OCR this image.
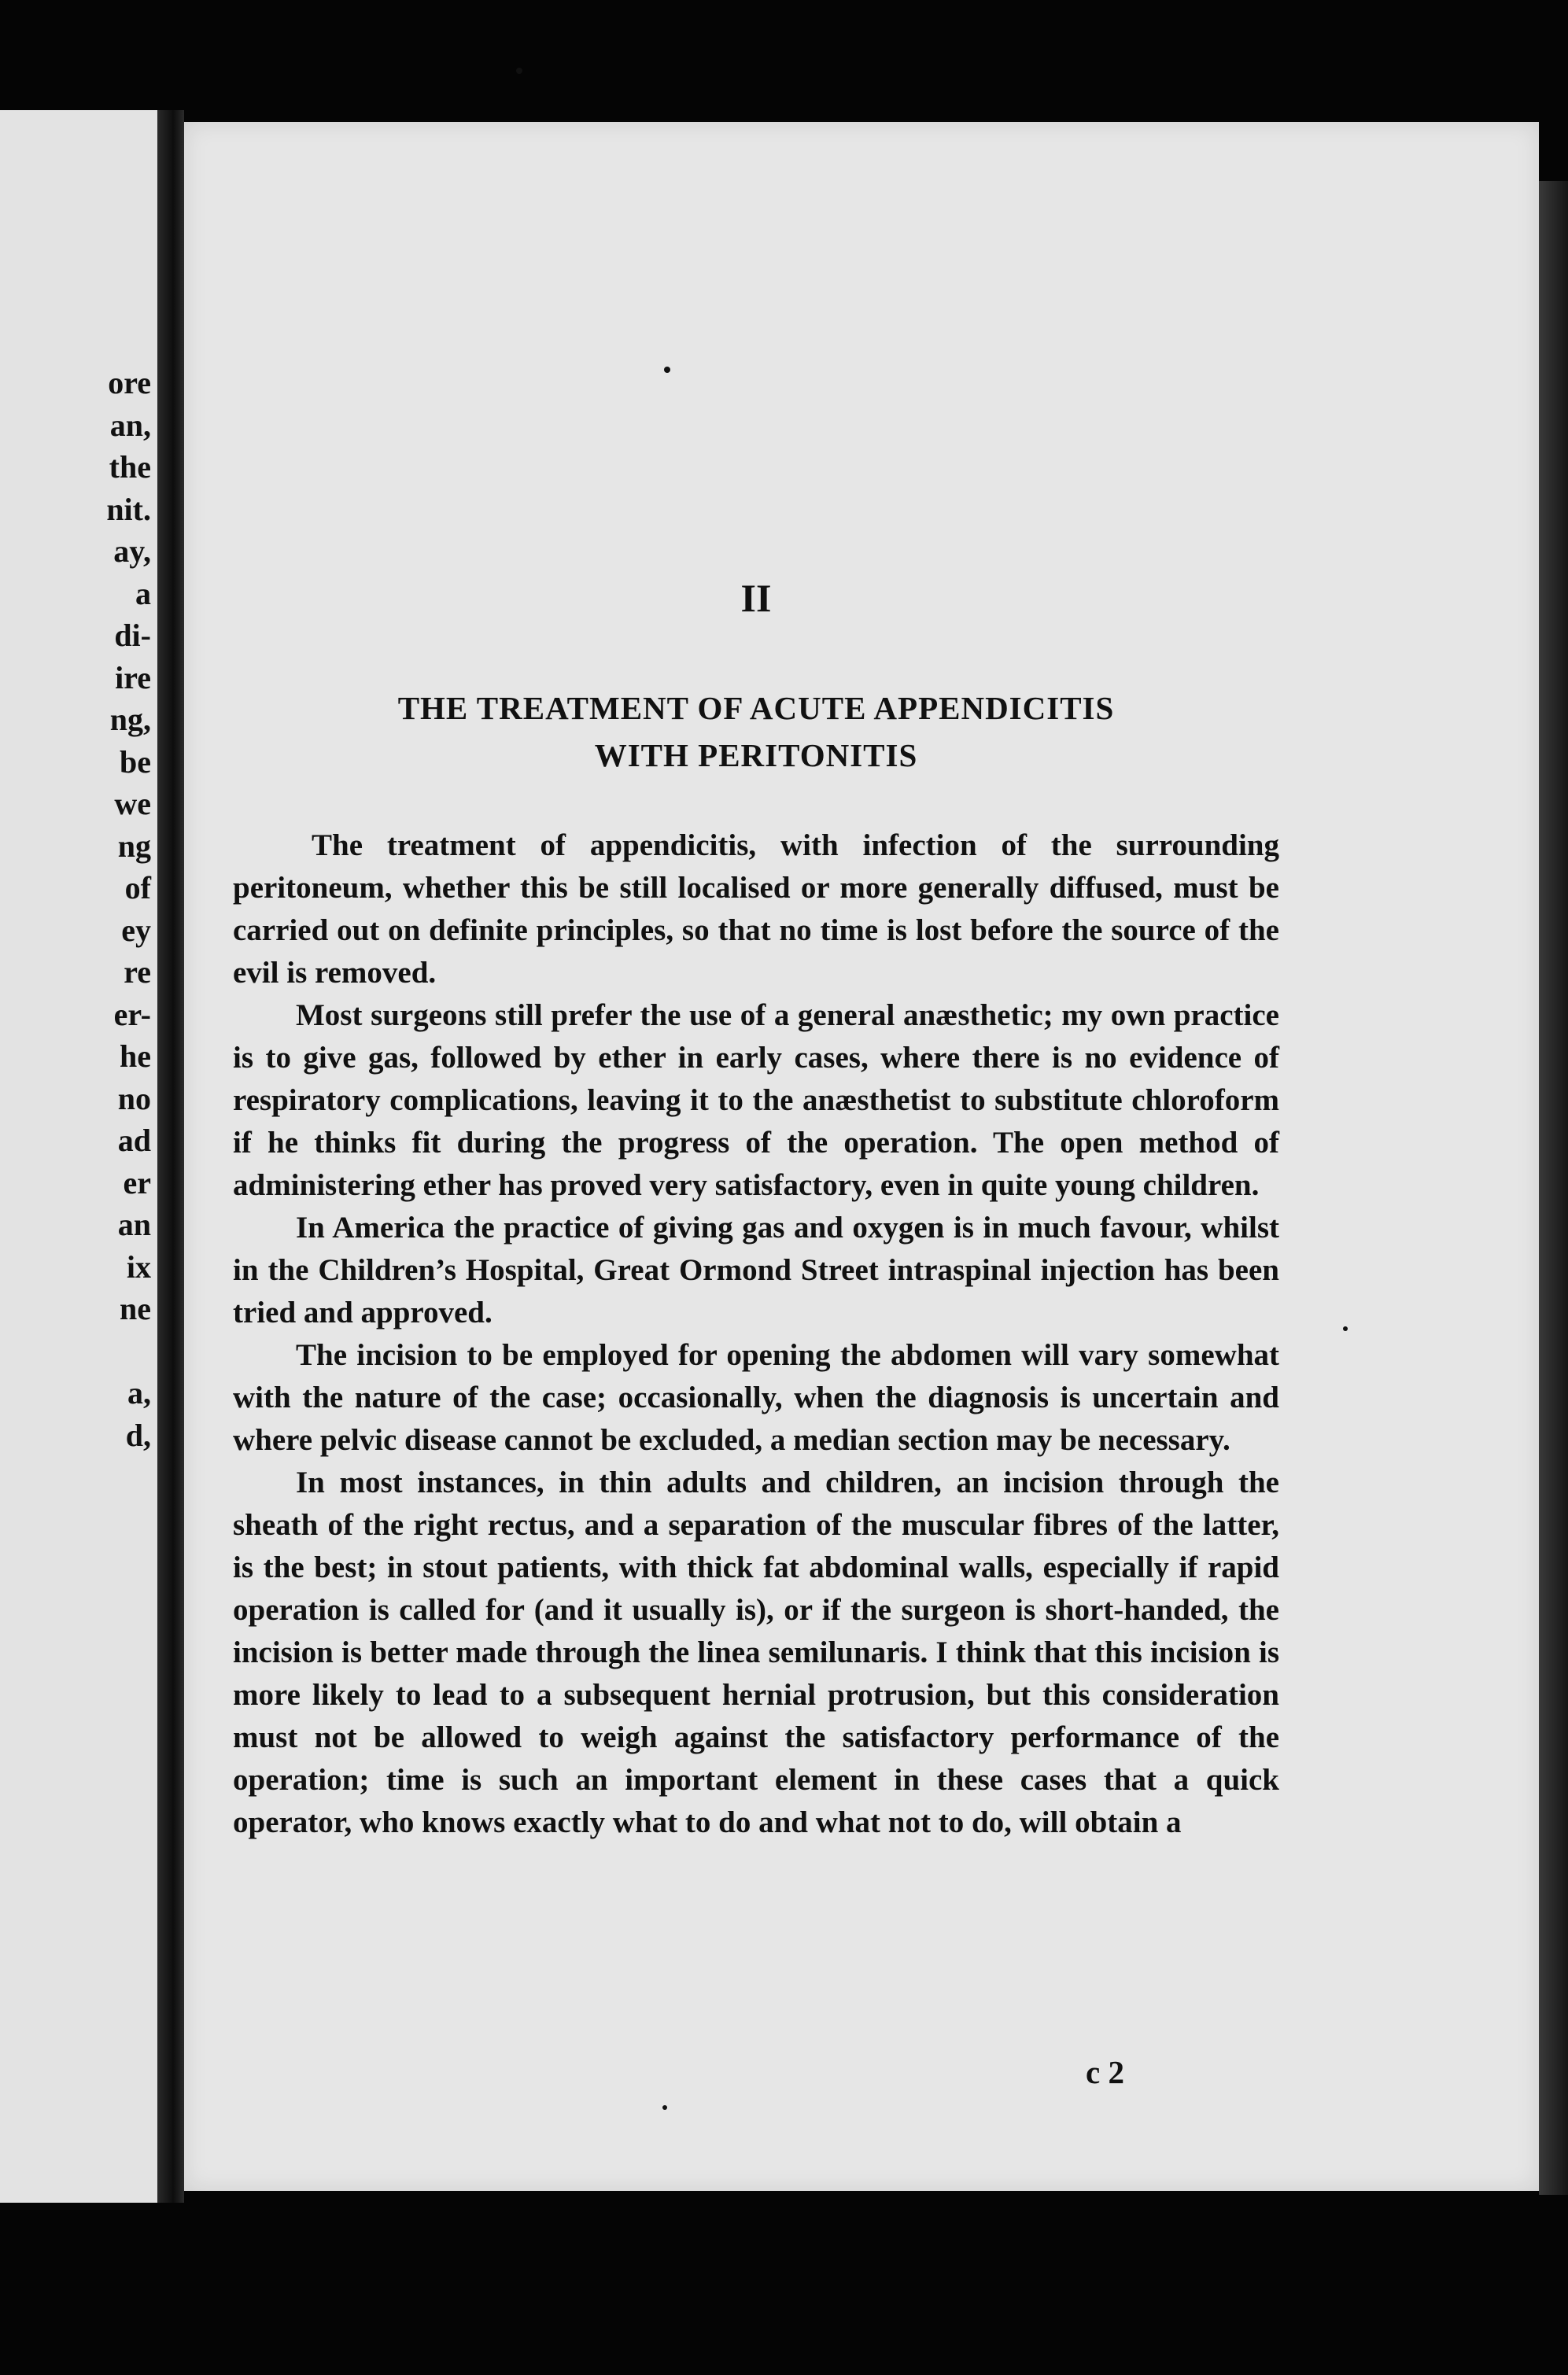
ore
an,
the
nit.
ay,
a
di-
ire
ng,
be
we
ng
of
ey
re
er-
he
no
ad
er
an
ix
ne
a,
d,
II
THE TREATMENT OF ACUTE APPENDICITIS
WITH PERITONITIS

The treatment of appendicitis, with infection of the surrounding peritoneum, whether this be still localised or more generally diffused, must be carried out on definite principles, so that no time is lost before the source of the evil is removed.

Most surgeons still prefer the use of a general anæsthetic; my own practice is to give gas, followed by ether in early cases, where there is no evidence of respiratory complications, leaving it to the anæsthetist to substitute chloroform if he thinks fit during the progress of the operation. The open method of administering ether has proved very satisfactory, even in quite young children.

In America the practice of giving gas and oxygen is in much favour, whilst in the Children’s Hospital, Great Ormond Street intraspinal injection has been tried and approved.

The incision to be employed for opening the abdomen will vary somewhat with the nature of the case; occasionally, when the diagnosis is uncertain and where pelvic disease cannot be excluded, a median section may be necessary.

In most instances, in thin adults and children, an incision through the sheath of the right rectus, and a separation of the muscular fibres of the latter, is the best; in stout patients, with thick fat abdominal walls, especially if rapid operation is called for (and it usually is), or if the surgeon is short-handed, the incision is better made through the linea semilunaris. I think that this incision is more likely to lead to a subsequent hernial protrusion, but this consideration must not be allowed to weigh against the satisfactory performance of the operation; time is such an important element in these cases that a quick operator, who knows exactly what to do and what not to do, will obtain a

c 2
